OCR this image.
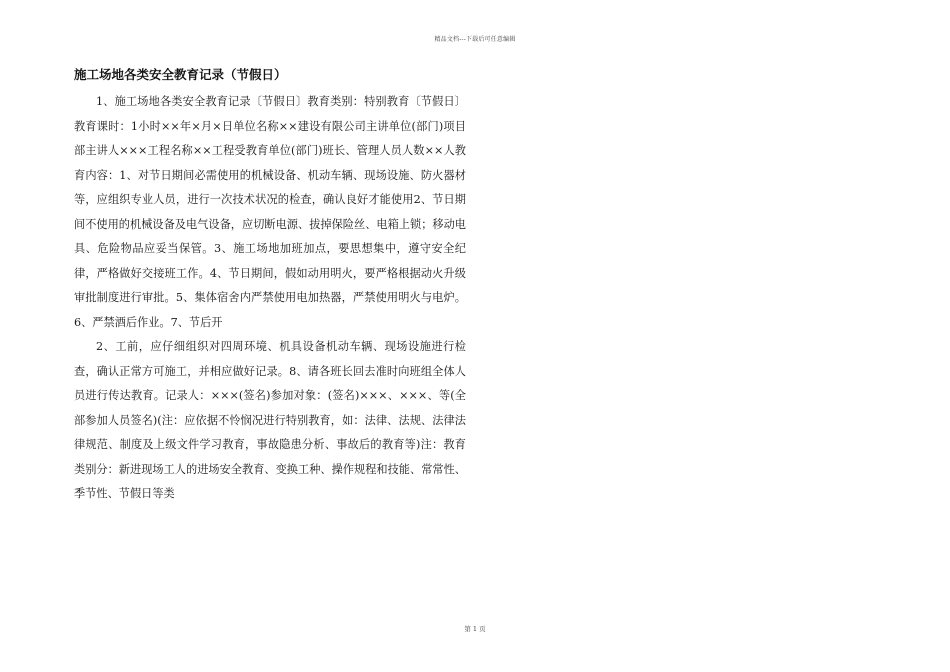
精品文档---下载后可任意编辑
施工场地各类安全教育记录（节假日）

1、施工场地各类安全教育记录〔节假日〕教育类别：特别教育〔节假日〕教育课时：1小时××年×月×日单位名称××建设有限公司主讲单位(部门)项目部主讲人×××工程名称××工程受教育单位(部门)班长、管理人员人数××人教育内容：1、对节日期间必需使用的机械设备、机动车辆、现场设施、防火器材等，应组织专业人员，进行一次技术状况的检查，确认良好才能使用2、节日期间不使用的机械设备及电气设备，应切断电源、拔掉保险丝、电箱上锁；移动电具、危险物品应妥当保管。3、施工场地加班加点，要思想集中，遵守安全纪律，严格做好交接班工作。4、节日期间，假如动用明火，要严格根据动火升级审批制度进行审批。5、集体宿舍内严禁使用电加热器，严禁使用明火与电炉。6、严禁酒后作业。7、节后开

2、工前，应仔细组织对四周环境、机具设备机动车辆、现场设施进行检查，确认正常方可施工，并相应做好记录。8、请各班长回去准时向班组全体人员进行传达教育。记录人：×××(签名)参加对象：(签名)×××、×××、等(全部参加人员签名)(注：应依据不怜悯况进行特别教育，如：法律、法规、法律法律规范、制度及上级文件学习教育，事故隐患分析、事故后的教育等)注：教育类别分：新进现场工人的进场安全教育、变换工种、操作规程和技能、常常性、季节性、节假日等类

第 1 页
